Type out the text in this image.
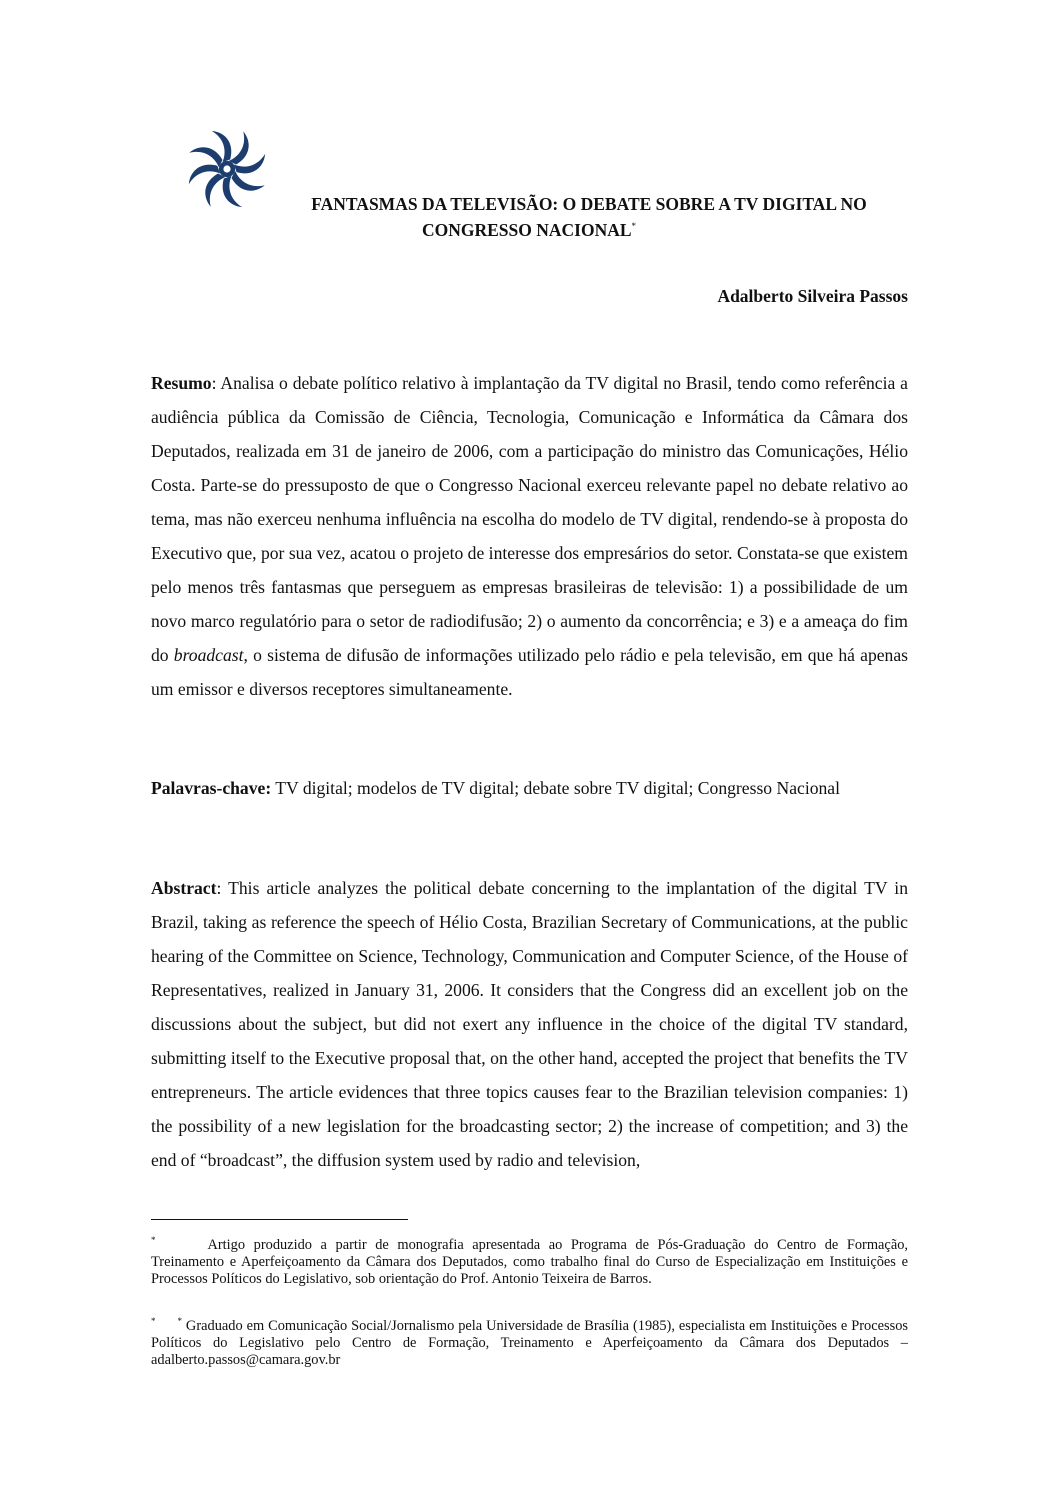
FANTASMAS DA TELEVISÃO: O DEBATE SOBRE A TV DIGITAL NO
CONGRESSO NACIONAL*

Adalberto Silveira Passos

Resumo: Analisa o debate político relativo à implantação da TV digital no Brasil, tendo como referência a audiência pública da Comissão de Ciência, Tecnologia, Comunicação e Informática da Câmara dos Deputados, realizada em 31 de janeiro de 2006, com a participação do ministro das Comunicações, Hélio Costa. Parte-se do pressuposto de que o Congresso Nacional exerceu relevante papel no debate relativo ao tema, mas não exerceu nenhuma influência na escolha do modelo de TV digital, rendendo-se à proposta do Executivo que, por sua vez, acatou o projeto de interesse dos empresários do setor. Constata-se que existem pelo menos três fantasmas que perseguem as empresas brasileiras de televisão: 1) a possibilidade de um novo marco regulatório para o setor de radiodifusão; 2) o aumento da concorrência; e 3) e a ameaça do fim do broadcast, o sistema de difusão de informações utilizado pelo rádio e pela televisão, em que há apenas um emissor e diversos receptores simultaneamente.

Palavras-chave: TV digital; modelos de TV digital; debate sobre TV digital; Congresso Nacional

Abstract: This article analyzes the political debate concerning to the implantation of the digital TV in Brazil, taking as reference the speech of Hélio Costa, Brazilian Secretary of Communications, at the public hearing of the Committee on Science, Technology, Communication and Computer Science, of the House of Representatives, realized in January 31, 2006. It considers that the Congress did an excellent job on the discussions about the subject, but did not exert any influence in the choice of the digital TV standard, submitting itself to the Executive proposal that, on the other hand, accepted the project that benefits the TV entrepreneurs. The article evidences that three topics causes fear to the Brazilian television companies: 1) the possibility of a new legislation for the broadcasting sector; 2) the increase of competition; and 3) the end of “broadcast”, the diffusion system used by radio and television,

*	Artigo produzido a partir de monografia apresentada ao Programa de Pós-Graduação do Centro de Formação, Treinamento e Aperfeiçoamento da Câmara dos Deputados, como trabalho final do Curso de Especialização em Instituições e Processos Políticos do Legislativo, sob orientação do Prof. Antonio Teixeira de Barros.

* * Graduado em Comunicação Social/Jornalismo pela Universidade de Brasília (1985), especialista em Instituições e Processos Políticos do Legislativo pelo Centro de Formação, Treinamento e Aperfeiçoamento da Câmara dos Deputados – adalberto.passos@camara.gov.br
